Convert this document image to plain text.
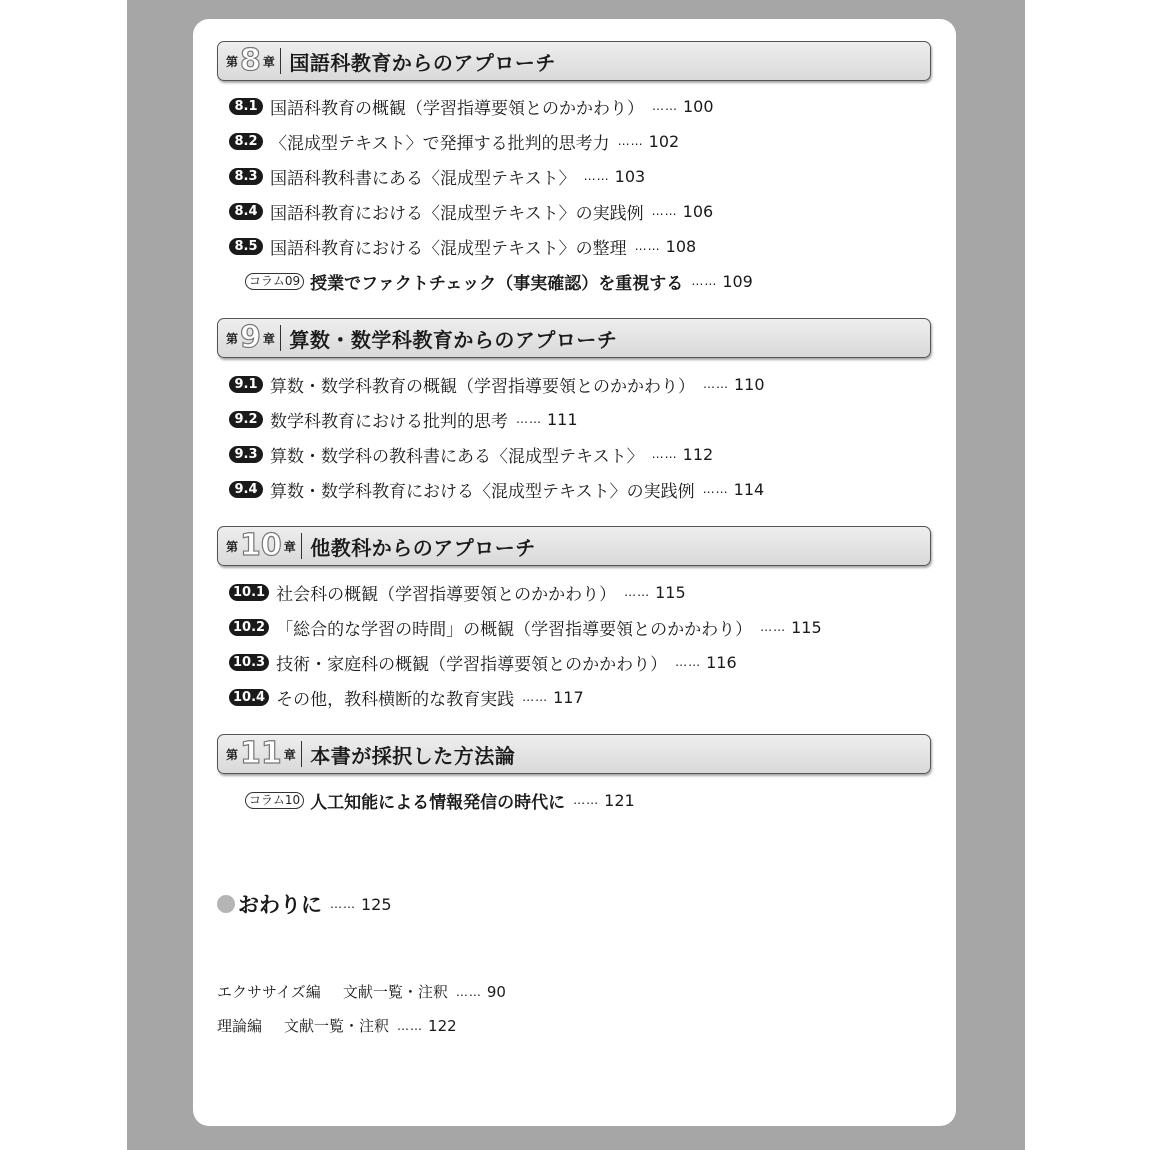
第 8 章 国語科教育からのアプローチ
8.1 国語科教育の概観（学習指導要領とのかかわり） …… 100
8.2 〈混成型テキスト〉で発揮する批判的思考力 …… 102
8.3 国語科教科書にある〈混成型テキスト〉 …… 103
8.4 国語科教育における〈混成型テキスト〉の実践例 …… 106
8.5 国語科教育における〈混成型テキスト〉の整理 …… 108
コラム09 授業でファクトチェック（事実確認）を重視する …… 109
第 9 章 算数・数学科教育からのアプローチ
9.1 算数・数学科教育の概観（学習指導要領とのかかわり） …… 110
9.2 数学科教育における批判的思考 …… 111
9.3 算数・数学科の教科書にある〈混成型テキスト〉 …… 112
9.4 算数・数学科教育における〈混成型テキスト〉の実践例 …… 114
第 10 章 他教科からのアプローチ
10.1 社会科の概観（学習指導要領とのかかわり） …… 115
10.2 「総合的な学習の時間」の概観（学習指導要領とのかかわり） …… 115
10.3 技術・家庭科の概観（学習指導要領とのかかわり） …… 116
10.4 その他，教科横断的な教育実践 …… 117
第 11 章 本書が採択した方法論
コラム10 人工知能による情報発信の時代に …… 121
おわりに …… 125
エクササイズ編 文献一覧・注釈 …… 90
理論編 文献一覧・注釈 …… 122
